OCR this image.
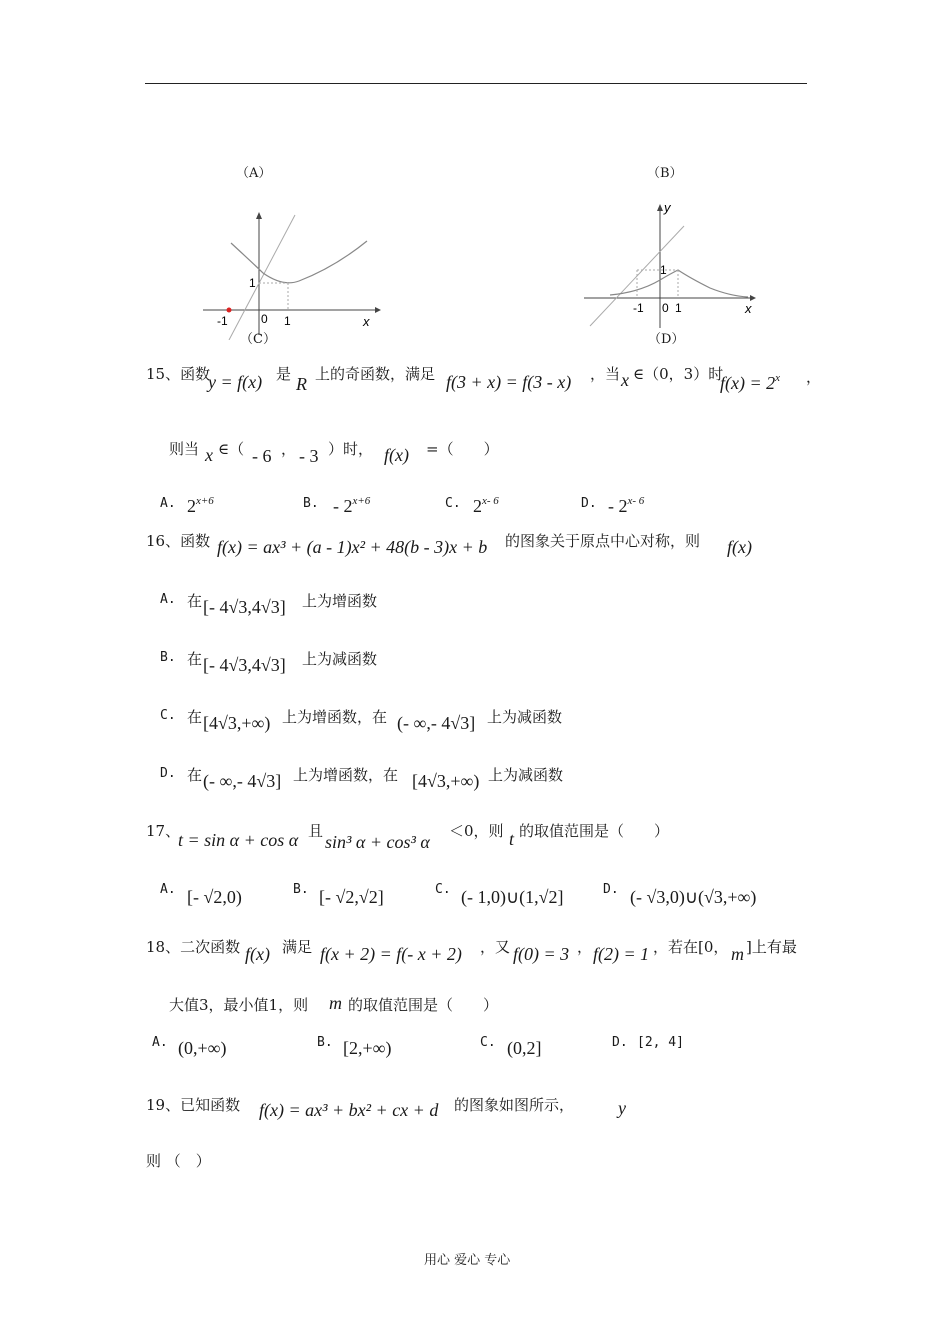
（A）	（B）
1
-1	0 1	x
（C）
y
1
-1 0 1	x
（D）
15、函数
y = f(x) 是 R 上的奇函数，满足 f(3 + x) = f(3 - x) ，当 x ∈（0，3）时
$f(x) = 2^x$ ，
则当 x ∈（ - 6 ， - 3 ）时， f(x) =（　　）
A. $2^{x+6}$	B. - $2^{x+6}$	C. 2$^{x- 6}$	D. - 2$^{x- 6}$
16、函数 f(x) = ax³ + (a - 1)x² + 48(b - 3)x + b 的图象关于原点中心对称，则 f(x)
A. 在 [- 4√3,4√3] 上为增函数
B. 在 [- 4√3,4√3] 上为减函数
C. 在 [4√3,+∞) 上为增函数，在 (- ∞,- 4√3] 上为减函数
D. 在 (- ∞,- 4√3] 上为增函数，在 [4√3,+∞) 上为减函数
17、
t = sin α + cos α 且
sin³ α + cos³ α
＜0，则 t 的取值范围是（　　）
A. [- √2,0)	B. [- √2,√2]	C. (- 1,0)∪(1,√2]	D. (- √3,0)∪(√3,+∞)
18、二次函数 f(x) 满足 f(x + 2) = f(- x + 2) ，又 f(0) = 3 ， f(2) = 1 ，若在[0， m ]上有最
大值3，最小值1，则 m 的取值范围是（　　）
A. (0,+∞)	B. [2,+∞)	C. (0,2]	D. [2, 4]
19、已知函数 f(x) = ax³ + bx² + cx + d 的图象如图所示， y
则 （　）
用心 爱心 专心
